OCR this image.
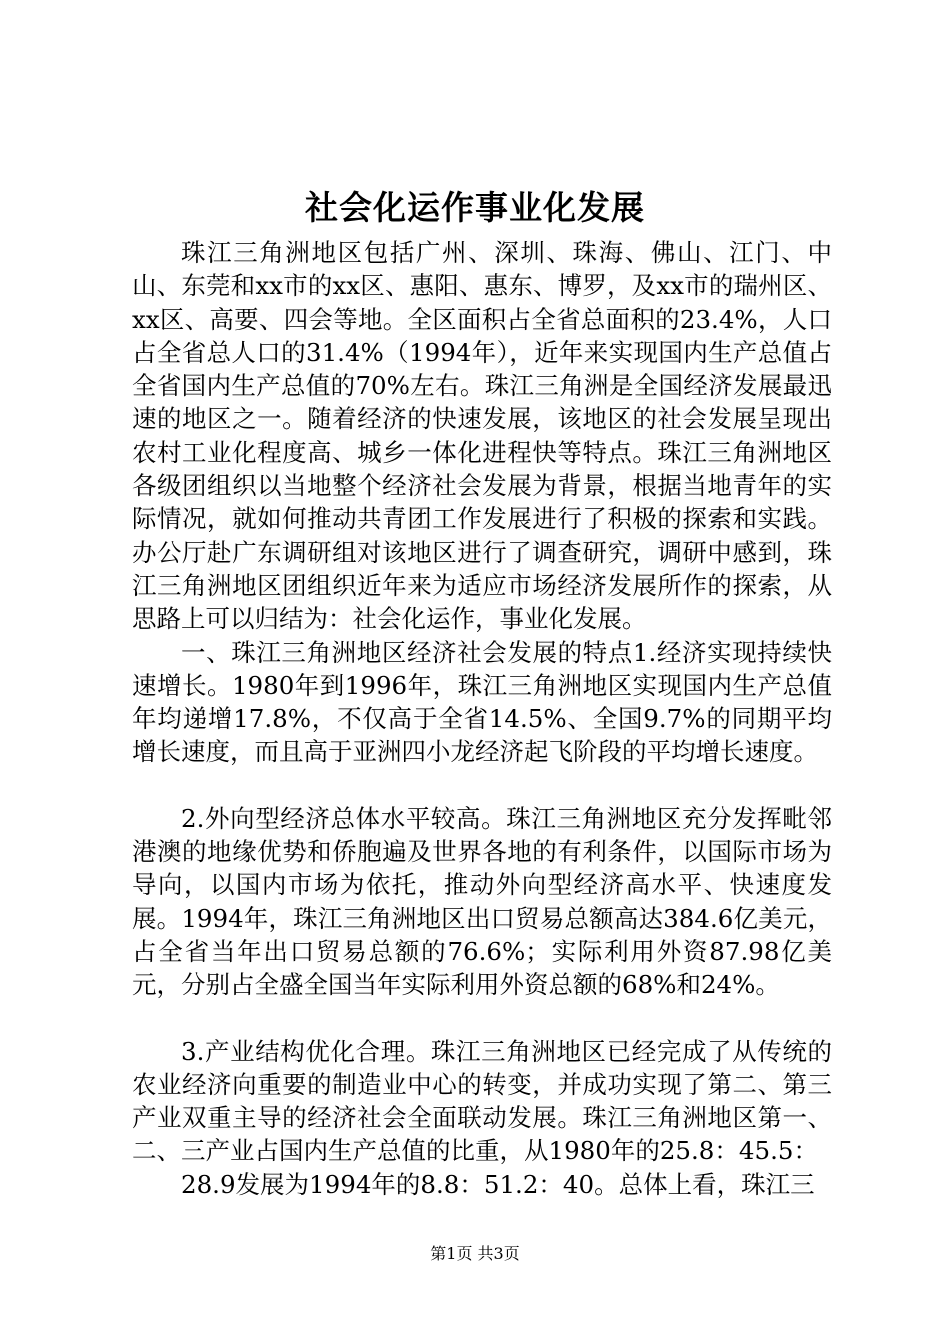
社会化运作事业化发展

珠江三角洲地区包括广州、深圳、珠海、佛山、江门、中山、东莞和xx市的xx区、惠阳、惠东、博罗，及xx市的瑞州区、xx区、高要、四会等地。全区面积占全省总面积的23.4%，人口占全省总人口的31.4%（1994年），近年来实现国内生产总值占全省国内生产总值的70%左右。珠江三角洲是全国经济发展最迅速的地区之一。随着经济的快速发展，该地区的社会发展呈现出农村工业化程度高、城乡一体化进程快等特点。珠江三角洲地区各级团组织以当地整个经济社会发展为背景，根据当地青年的实际情况，就如何推动共青团工作发展进行了积极的探索和实践。办公厅赴广东调研组对该地区进行了调查研究，调研中感到，珠江三角洲地区团组织近年来为适应市场经济发展所作的探索，从思路上可以归结为：社会化运作，事业化发展。

一、珠江三角洲地区经济社会发展的特点1.经济实现持续快速增长。1980年到1996年，珠江三角洲地区实现国内生产总值年均递增17.8%，不仅高于全省14.5%、全国9.7%的同期平均增长速度，而且高于亚洲四小龙经济起飞阶段的平均增长速度。

2.外向型经济总体水平较高。珠江三角洲地区充分发挥毗邻港澳的地缘优势和侨胞遍及世界各地的有利条件，以国际市场为导向，以国内市场为依托，推动外向型经济高水平、快速度发展。1994年，珠江三角洲地区出口贸易总额高达384.6亿美元，占全省当年出口贸易总额的76.6%；实际利用外资87.98亿美元，分别占全盛全国当年实际利用外资总额的68%和24%。

3.产业结构优化合理。珠江三角洲地区已经完成了从传统的农业经济向重要的制造业中心的转变，并成功实现了第二、第三产业双重主导的经济社会全面联动发展。珠江三角洲地区第一、二、三产业占国内生产总值的比重，从1980年的25.8：45.5：

28.9发展为1994年的8.8：51.2：40。总体上看，珠江三

第1页 共3页
